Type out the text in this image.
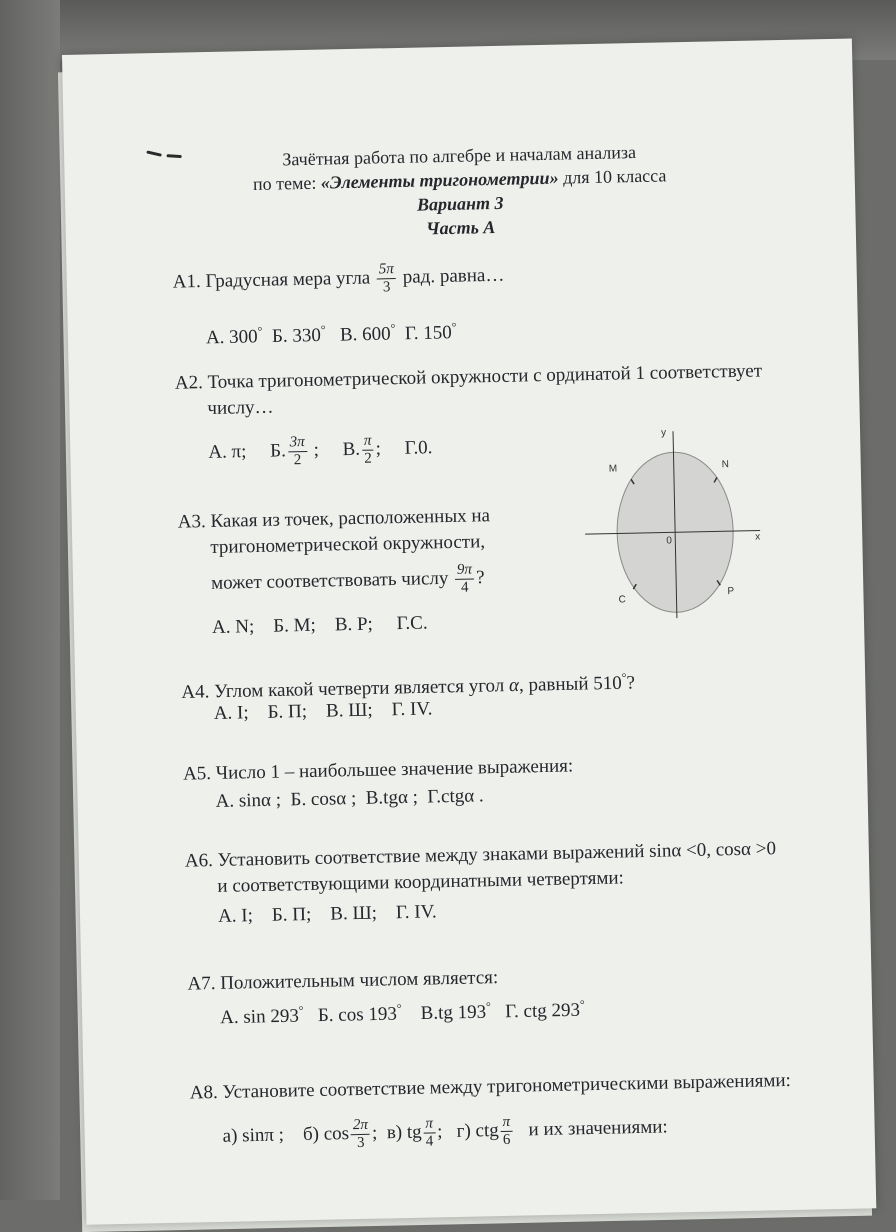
Зачётная работа по алгебре и началам анализа
по теме: «Элементы тригонометрии» для 10 класса
Вариант 3
Часть А
А1. Градусная мера угла $\frac{5\pi}{3}$ рад. равна…
А. 300° Б. 330° В. 600° Г. 150°
А2. Точка тригонометрической окружности с ординатой 1 соответствует
числу…
А. π; Б. $\frac{3\pi}{2}$ ;     В. $\frac{\pi}{2}$ ;     Г.0.
y
x
0
M	N
C
P
А3. Какая из точек, расположенных на
тригонометрической окружности,
может соответствовать числу $\frac{9\pi}{4}$ ?
А. N; Б. М; В. P; Г.С.
А4. Углом какой четверти является угол α, равный 510°?
А. I; Б. П; В. Ш; Г. IV.
А5. Число 1 – наибольшее значение выражения:
А. sinα ; Б. cosα ; В.tgα ; Г.ctgα .
А6. Установить соответствие между знаками выражений sinα <0, cosα >0
и соответствующими координатными четвертями:
А. I; Б. П; В. Ш; Г. IV.
А7. Положительным числом является:
А. sin 293° Б. cos 193° В.tg 193° Г. ctg 293°
А8. Установите соответствие между тригонометрическими выражениями:
а) sinπ ; б) $\cos \frac{2\pi}{3}$ ;  в) tg $\frac{\pi}{4}$ ;   г) ctg $\frac{\pi}{6}$ и их значениями:
